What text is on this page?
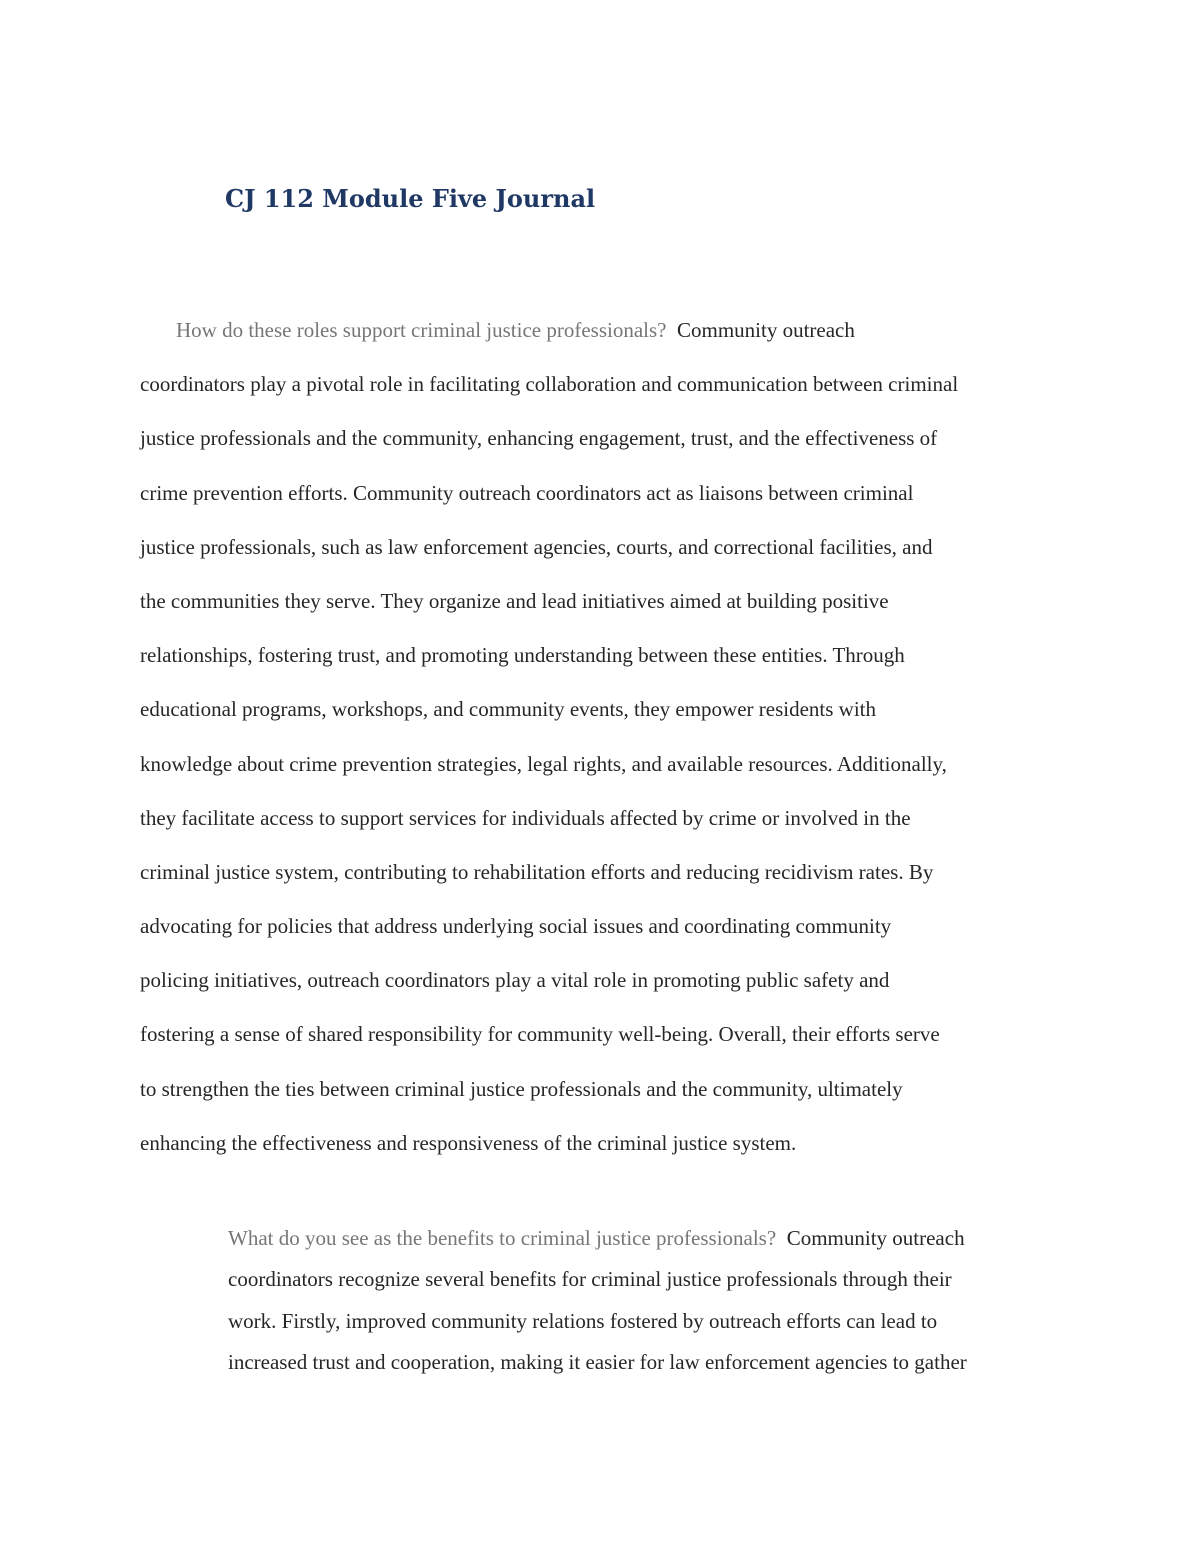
CJ 112 Module Five Journal
How do these roles support criminal justice professionals? Community outreach
coordinators play a pivotal role in facilitating collaboration and communication between criminal
justice professionals and the community, enhancing engagement, trust, and the effectiveness of
crime prevention efforts. Community outreach coordinators act as liaisons between criminal
justice professionals, such as law enforcement agencies, courts, and correctional facilities, and
the communities they serve. They organize and lead initiatives aimed at building positive
relationships, fostering trust, and promoting understanding between these entities. Through
educational programs, workshops, and community events, they empower residents with
knowledge about crime prevention strategies, legal rights, and available resources. Additionally,
they facilitate access to support services for individuals affected by crime or involved in the
criminal justice system, contributing to rehabilitation efforts and reducing recidivism rates. By
advocating for policies that address underlying social issues and coordinating community
policing initiatives, outreach coordinators play a vital role in promoting public safety and
fostering a sense of shared responsibility for community well-being. Overall, their efforts serve
to strengthen the ties between criminal justice professionals and the community, ultimately
enhancing the effectiveness and responsiveness of the criminal justice system.
What do you see as the benefits to criminal justice professionals? Community outreach
coordinators recognize several benefits for criminal justice professionals through their
work. Firstly, improved community relations fostered by outreach efforts can lead to
increased trust and cooperation, making it easier for law enforcement agencies to gather
